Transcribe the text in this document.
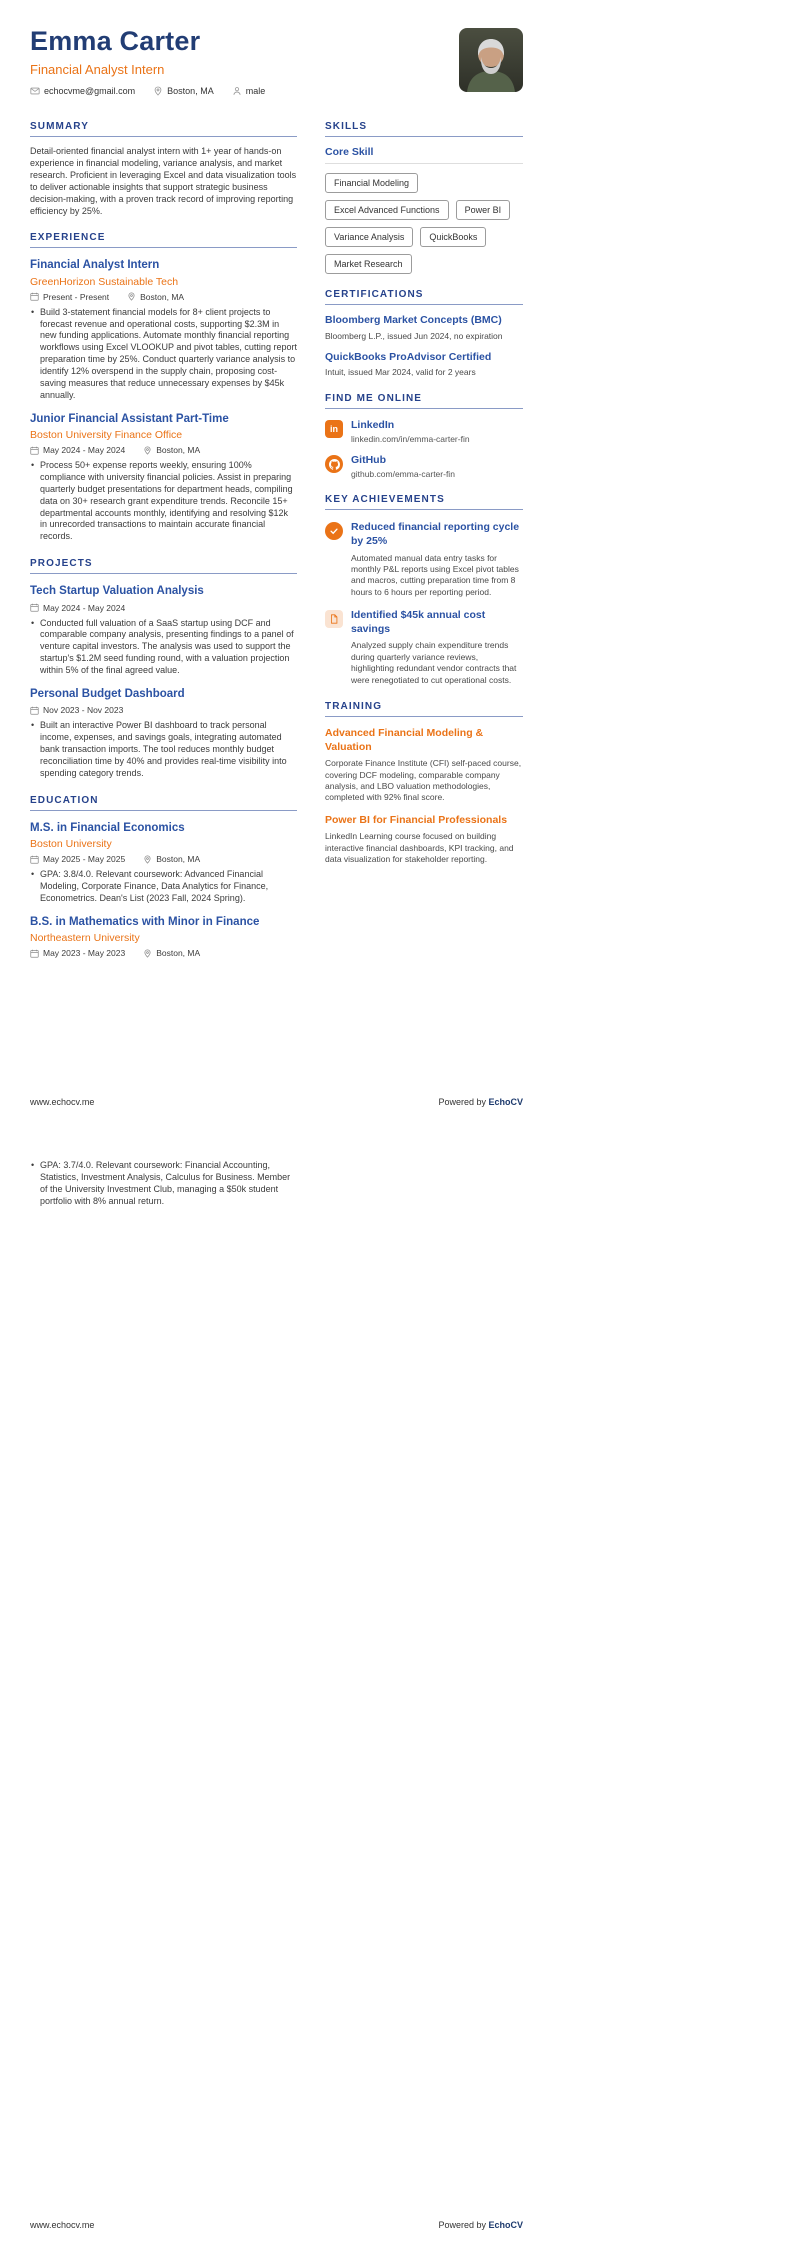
Emma Carter
Financial Analyst Intern
echocvme@gmail.com	Boston, MA	male
SUMMARY

Detail-oriented financial analyst intern with 1+ year of hands-on experience in financial modeling, variance analysis, and market research. Proficient in leveraging Excel and data visualization tools to deliver actionable insights that support strategic business decision-making, with a proven track record of improving reporting efficiency by 25%.

EXPERIENCE
Financial Analyst Intern
GreenHorizon Sustainable Tech
Present - Present	Boston, MA
• Build 3-statement financial models for 8+ client projects to forecast revenue and operational costs, supporting $2.3M in new funding applications. Automate monthly financial reporting workflows using Excel VLOOKUP and pivot tables, cutting report preparation time by 25%. Conduct quarterly variance analysis to identify 12% overspend in the supply chain, proposing cost-saving measures that reduce unnecessary expenses by $45k annually.
Junior Financial Assistant Part-Time
Boston University Finance Office
May 2024 - May 2024	Boston, MA
• Process 50+ expense reports weekly, ensuring 100% compliance with university financial policies. Assist in preparing quarterly budget presentations for department heads, compiling data on 30+ research grant expenditure trends. Reconcile 15+ departmental accounts monthly, identifying and resolving $12k in unrecorded transactions to maintain accurate financial records.
PROJECTS
Tech Startup Valuation Analysis
May 2024 - May 2024
• Conducted full valuation of a SaaS startup using DCF and comparable company analysis, presenting findings to a panel of venture capital investors. The analysis was used to support the startup's $1.2M seed funding round, with a valuation projection within 5% of the final agreed value.
Personal Budget Dashboard
Nov 2023 - Nov 2023
• Built an interactive Power BI dashboard to track personal income, expenses, and savings goals, integrating automated bank transaction imports. The tool reduces monthly budget reconciliation time by 40% and provides real-time visibility into spending category trends.
EDUCATION
M.S. in Financial Economics
Boston University
May 2025 - May 2025	Boston, MA
• GPA: 3.8/4.0. Relevant coursework: Advanced Financial Modeling, Corporate Finance, Data Analytics for Finance, Econometrics. Dean's List (2023 Fall, 2024 Spring).
B.S. in Mathematics with Minor in Finance
Northeastern University
May 2023 - May 2023	Boston, MA
SKILLS
Core Skill
Financial Modeling
Excel Advanced Functions	Power BI
Variance Analysis	QuickBooks
Market Research
CERTIFICATIONS
Bloomberg Market Concepts (BMC)
Bloomberg L.P., issued Jun 2024, no expiration
QuickBooks ProAdvisor Certified
Intuit, issued Mar 2024, valid for 2 years
FIND ME ONLINE
in	LinkedIn
linkedin.com/in/emma-carter-fin
GitHub
github.com/emma-carter-fin
KEY ACHIEVEMENTS
Reduced financial reporting cycle by 25%
Automated manual data entry tasks for monthly P&L reports using Excel pivot tables and macros, cutting preparation time from 8 hours to 6 hours per reporting period.
Identified $45k annual cost savings
Analyzed supply chain expenditure trends during quarterly variance reviews, highlighting redundant vendor contracts that were renegotiated to cut operational costs.
TRAINING
Advanced Financial Modeling & Valuation
Corporate Finance Institute (CFI) self-paced course, covering DCF modeling, comparable company analysis, and LBO valuation methodologies, completed with 92% final score.
Power BI for Financial Professionals
LinkedIn Learning course focused on building interactive financial dashboards, KPI tracking, and data visualization for stakeholder reporting.
www.echocv.me	Powered by EchoCV
• GPA: 3.7/4.0. Relevant coursework: Financial Accounting, Statistics, Investment Analysis, Calculus for Business. Member of the University Investment Club, managing a $50k student portfolio with 8% annual return.
www.echocv.me	Powered by EchoCV
